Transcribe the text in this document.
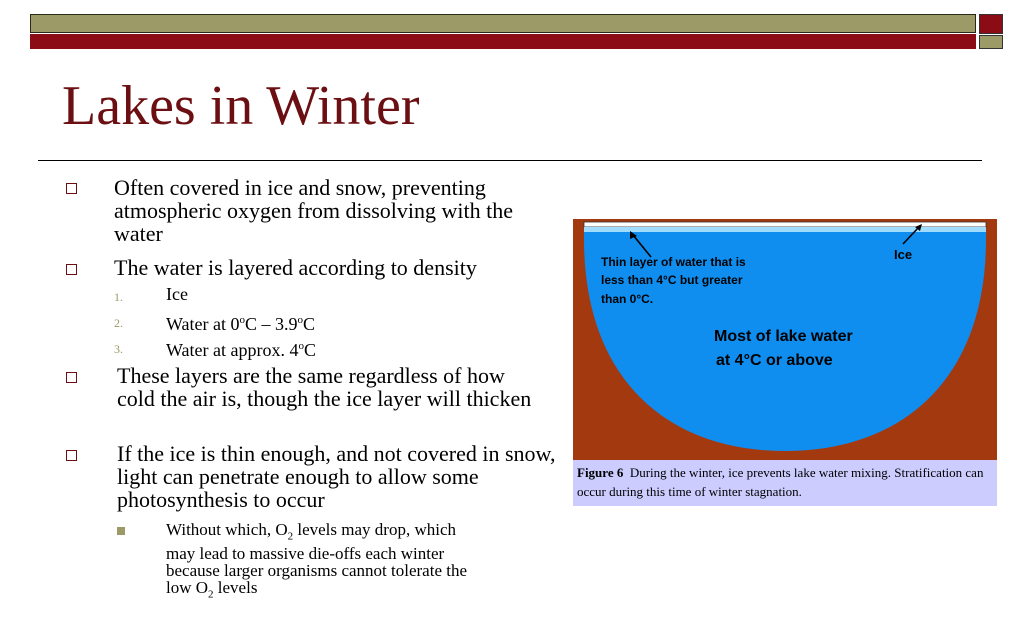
Lakes in Winter
Often covered in ice and snow, preventing atmospheric oxygen from dissolving with the water
The water is layered according to density
1. Ice
2. Water at 0$^o$C – 3.9$^o$C
3. Water at approx. 4$^o$C
These layers are the same regardless of how cold the air is, though the ice layer will thicken
If the ice is thin enough, and not covered in snow, light can penetrate enough to allow some photosynthesis to occur
Without which, $O_2$ levels may drop, which
may lead to massive die-offs each winter
because larger organisms cannot tolerate the
low $O_2$ levels
Thin layer of water that is
less than 4°C but greater
than 0°C.
Ice
Most of lake water
at 4°C or above
Figure 6 During the winter, ice prevents lake water mixing. Stratification can occur during this time of winter stagnation.
